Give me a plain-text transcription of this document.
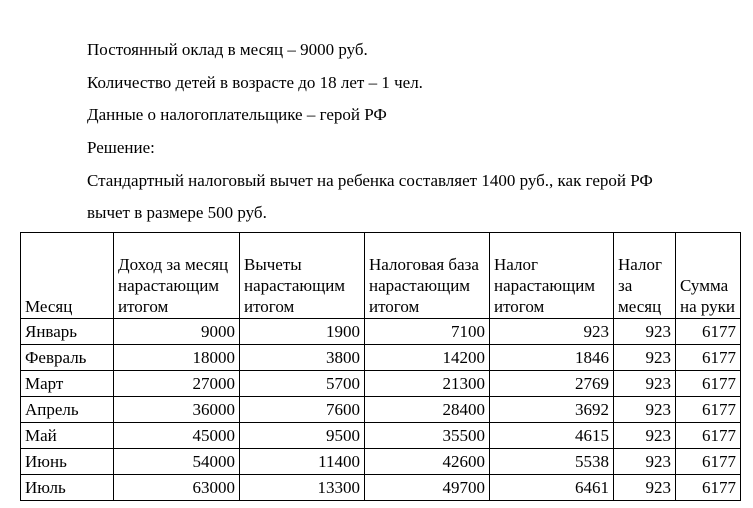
Постоянный оклад в месяц – 9000 руб.

Количество детей в возрасте до 18 лет – 1 чел.

Данные о налогоплательщике – герой РФ

Решение:

Стандартный налоговый вычет на ребенка составляет 1400 руб., как герой РФ

вычет в размере 500 руб.

Месяц	Доход за месяц нарастающим итогом	Вычеты нарастающим итогом	Налоговая база нарастающим итогом	Налог нарастающим итогом	Налог за месяц	Сумма на руки
Январь	9000	1900	7100	923	923	6177
Февраль	18000	3800	14200	1846	923	6177
Март	27000	5700	21300	2769	923	6177
Апрель	36000	7600	28400	3692	923	6177
Май	45000	9500	35500	4615	923	6177
Июнь	54000	11400	42600	5538	923	6177
Июль	63000	13300	49700	6461	923	6177
